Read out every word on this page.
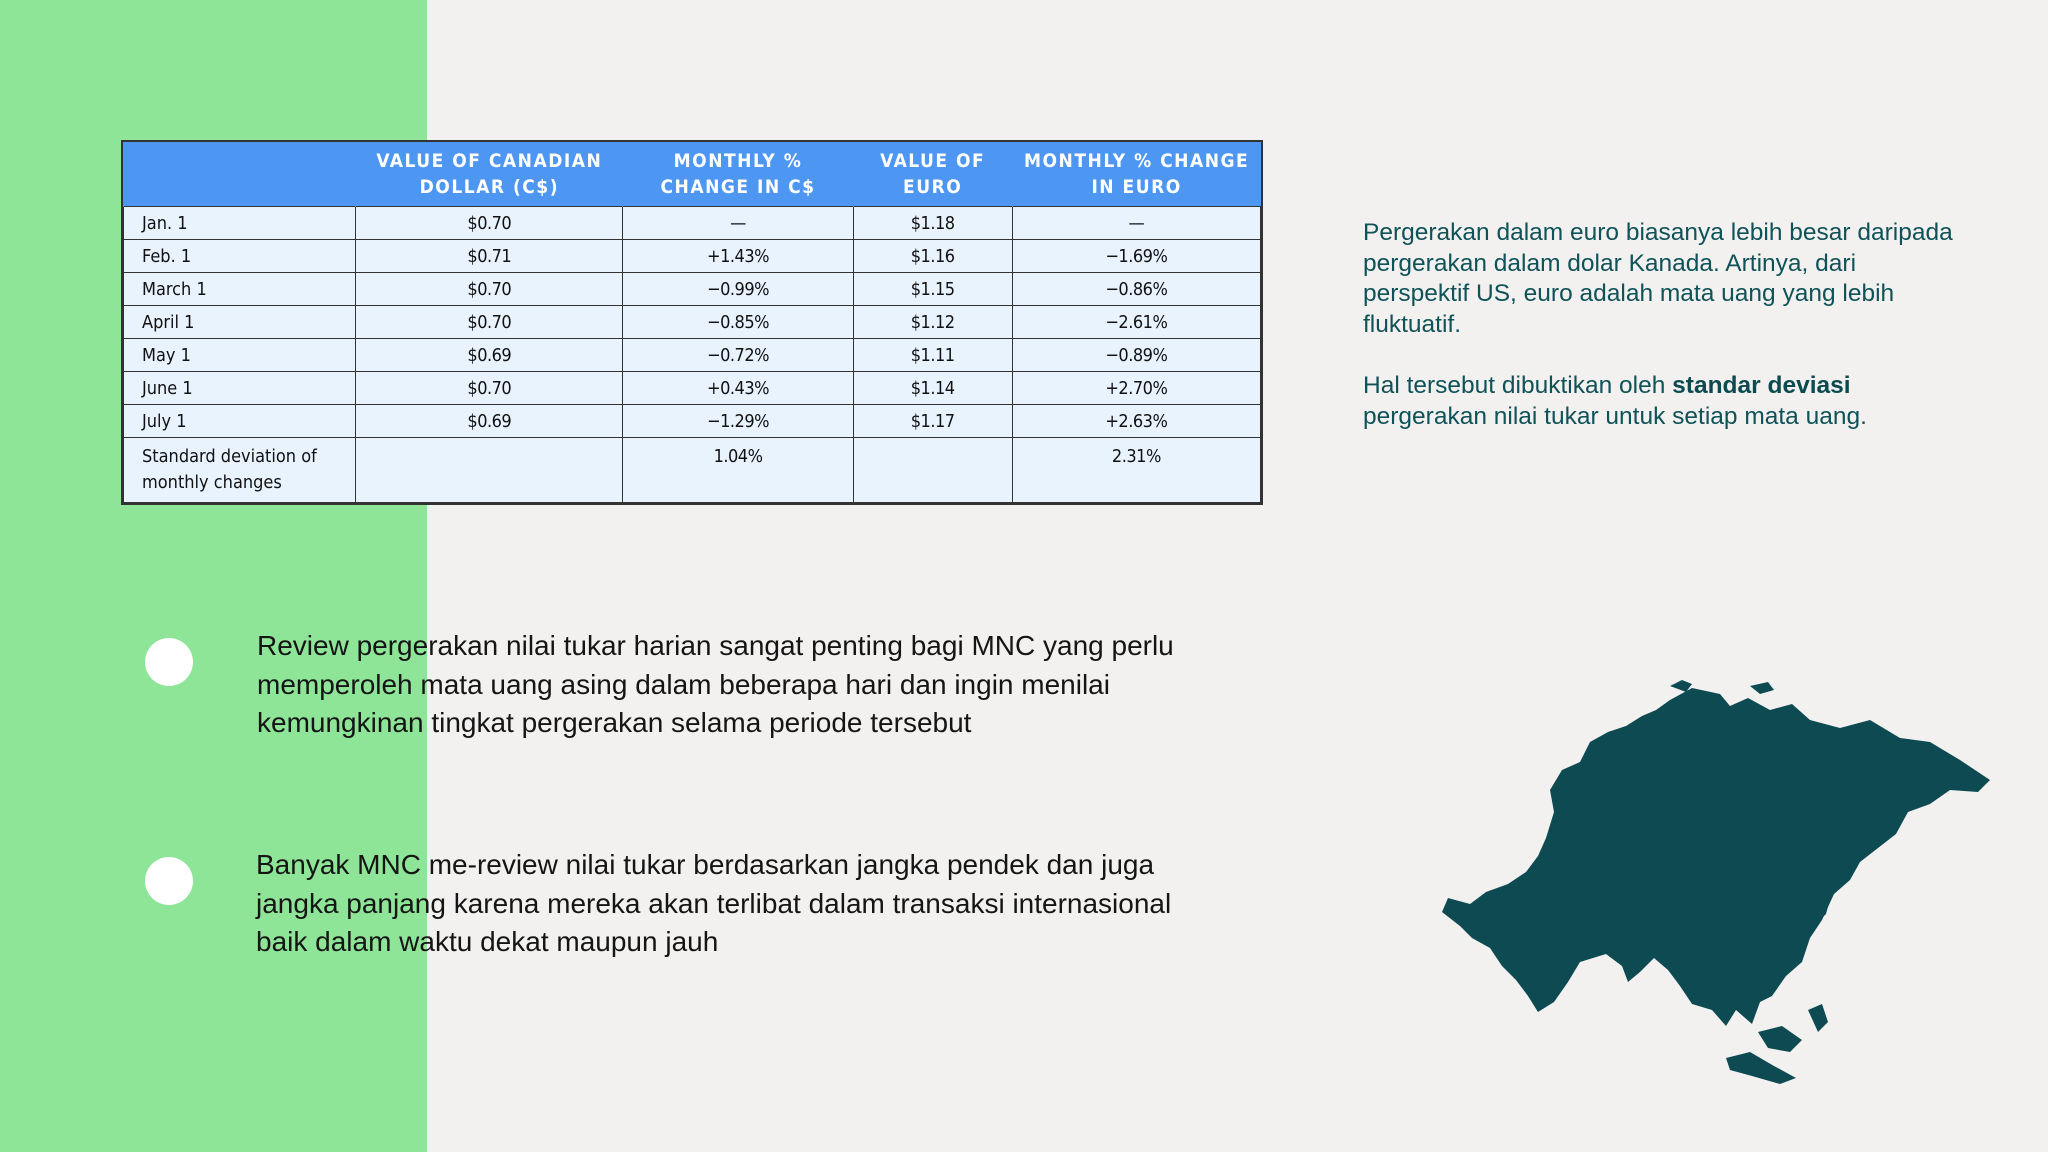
	VALUE OF CANADIAN DOLLAR (C$)	MONTHLY % CHANGE IN C$	VALUE OF EURO	MONTHLY % CHANGE IN EURO
Jan. 1	$0.70	—	$1.18	—
Feb. 1	$0.71	+1.43%	$1.16	−1.69%
March 1	$0.70	−0.99%	$1.15	−0.86%
April 1	$0.70	−0.85%	$1.12	−2.61%
May 1	$0.69	−0.72%	$1.11	−0.89%
June 1	$0.70	+0.43%	$1.14	+2.70%
July 1	$0.69	−1.29%	$1.17	+2.63%
Standard deviation of monthly changes		1.04%		2.31%

Pergerakan dalam euro biasanya lebih besar daripada pergerakan dalam dolar Kanada. Artinya, dari perspektif US, euro adalah mata uang yang lebih fluktuatif.

Hal tersebut dibuktikan oleh standar deviasi pergerakan nilai tukar untuk setiap mata uang.

Review pergerakan nilai tukar harian sangat penting bagi MNC yang perlu memperoleh mata uang asing dalam beberapa hari dan ingin menilai kemungkinan tingkat pergerakan selama periode tersebut
Banyak MNC me-review nilai tukar berdasarkan jangka pendek dan juga jangka panjang karena mereka akan terlibat dalam transaksi internasional baik dalam waktu dekat maupun jauh
